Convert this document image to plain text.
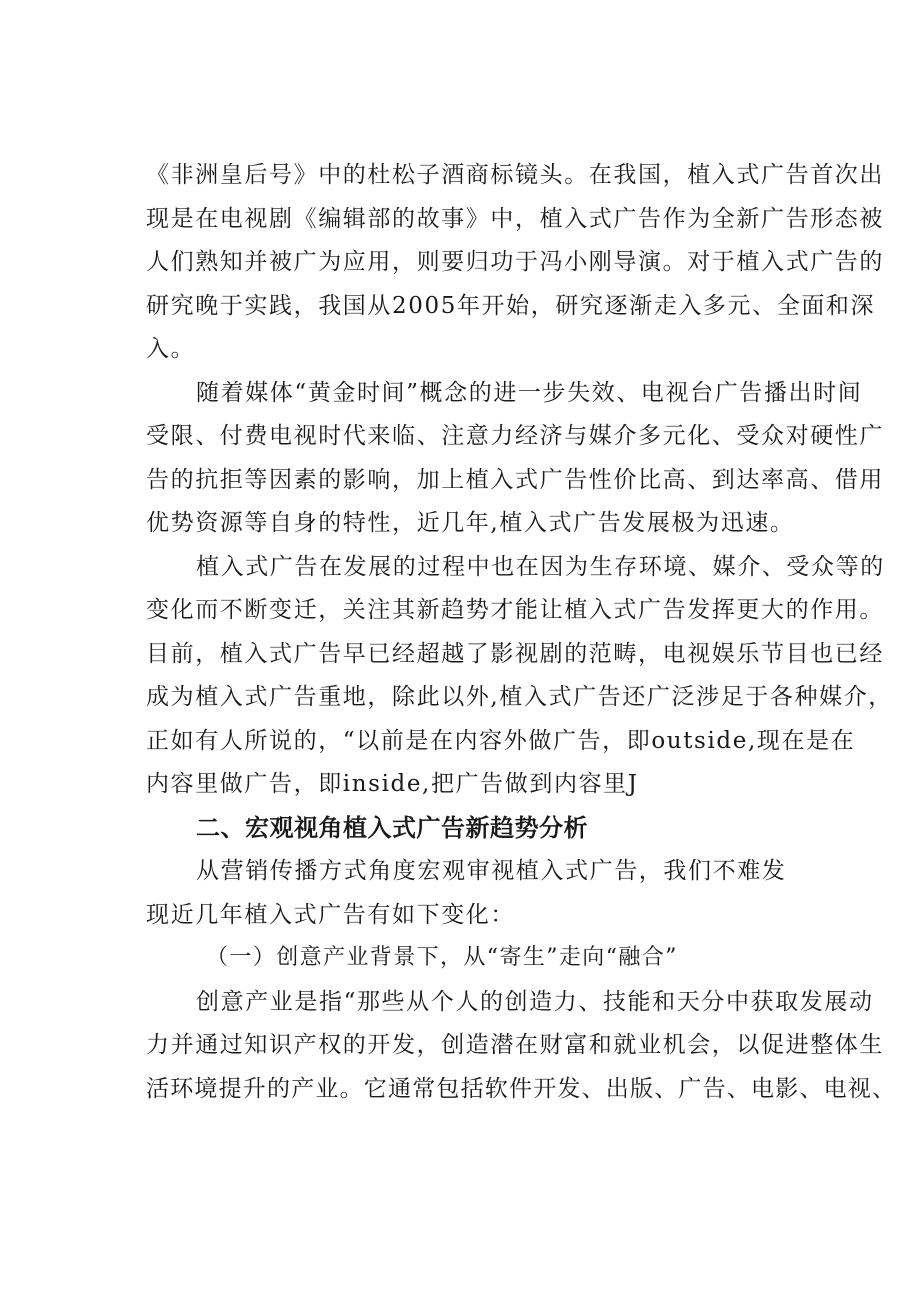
《非洲皇后号》中的杜松子酒商标镜头。在我国，植入式广告首次出
现是在电视剧《编辑部的故事》中，植入式广告作为全新广告形态被
人们熟知并被广为应用，则要归功于冯小刚导演。对于植入式广告的
研究晚于实践，我国从2005年开始，研究逐渐走入多元、全面和深
入。
随着媒体“黄金时间”概念的进一步失效、电视台广告播出时间
受限、付费电视时代来临、注意力经济与媒介多元化、受众对硬性广
告的抗拒等因素的影响，加上植入式广告性价比高、到达率高、借用
优势资源等自身的特性，近几年,植入式广告发展极为迅速。
植入式广告在发展的过程中也在因为生存环境、媒介、受众等的
变化而不断变迁，关注其新趋势才能让植入式广告发挥更大的作用。
目前，植入式广告早已经超越了影视剧的范畴，电视娱乐节目也已经
成为植入式广告重地，除此以外,植入式广告还广泛涉足于各种媒介，
正如有人所说的，“以前是在内容外做广告，即outside,现在是在
内容里做广告，即inside,把广告做到内容里J
二、宏观视角植入式广告新趋势分析
从营销传播方式角度宏观审视植入式广告，我们不难发
现近几年植入式广告有如下变化：
（一）创意产业背景下，从“寄生”走向“融合”
创意产业是指“那些从个人的创造力、技能和天分中获取发展动
力并通过知识产权的开发，创造潜在财富和就业机会，以促进整体生
活环境提升的产业。它通常包括软件开发、出版、广告、电影、电视、
